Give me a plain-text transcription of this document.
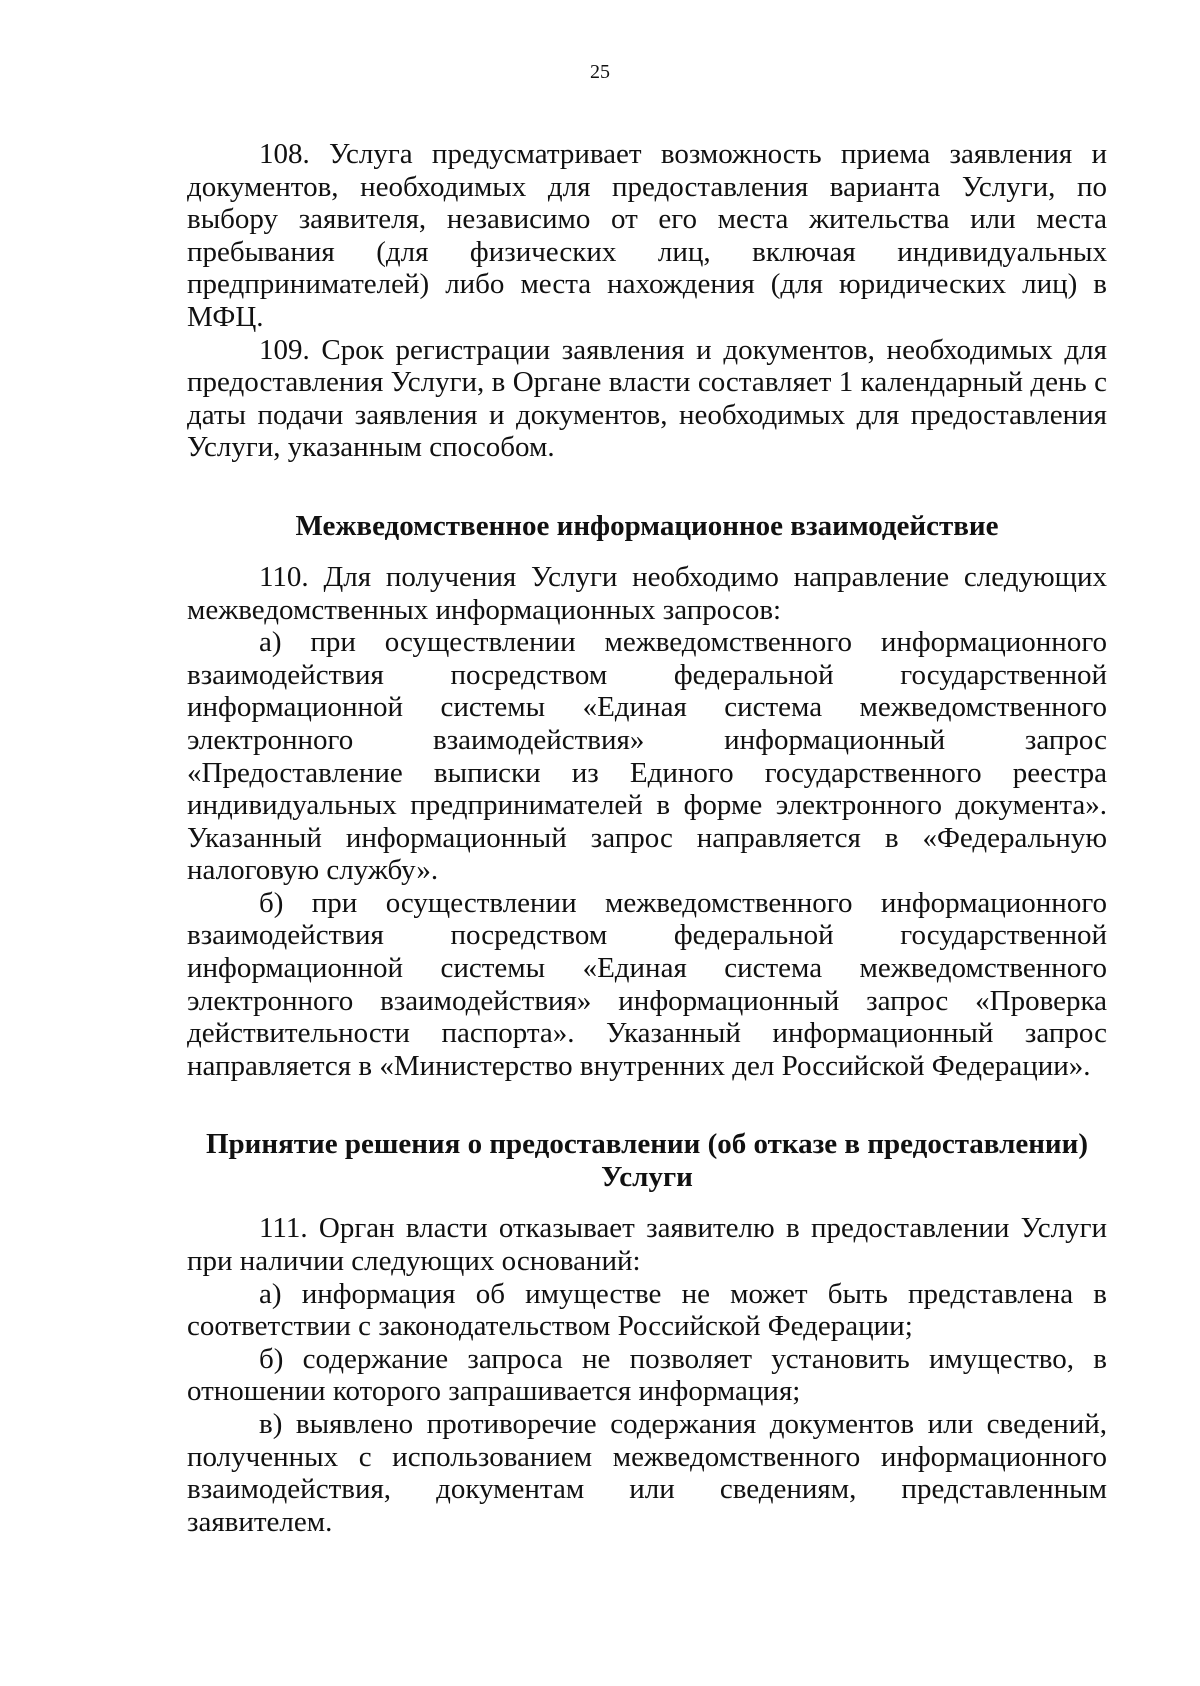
25

108. Услуга предусматривает возможность приема заявления и документов, необходимых для предоставления варианта Услуги, по выбору заявителя, независимо от его места жительства или места пребывания (для физических лиц, включая индивидуальных предпринимателей) либо места нахождения (для юридических лиц) в МФЦ.

109. Срок регистрации заявления и документов, необходимых для предоставления Услуги, в Органе власти составляет 1 календарный день с даты подачи заявления и документов, необходимых для предоставления Услуги, указанным способом.

Межведомственное информационное взаимодействие

110. Для получения Услуги необходимо направление следующих межведомственных информационных запросов:

а) при осуществлении межведомственного информационного взаимодействия посредством федеральной государственной информационной системы «Единая система межведомственного электронного взаимодействия» информационный запрос «Предоставление выписки из Единого государственного реестра индивидуальных предпринимателей в форме электронного документа». Указанный информационный запрос направляется в «Федеральную налоговую службу».

б) при осуществлении межведомственного информационного взаимодействия посредством федеральной государственной информационной системы «Единая система межведомственного электронного взаимодействия» информационный запрос «Проверка действительности паспорта». Указанный информационный запрос направляется в «Министерство внутренних дел Российской Федерации».

Принятие решения о предоставлении (об отказе в предоставлении)
Услуги

111. Орган власти отказывает заявителю в предоставлении Услуги при наличии следующих оснований:

а) информация об имуществе не может быть представлена в соответствии с законодательством Российской Федерации;

б) содержание запроса не позволяет установить имущество, в отношении которого запрашивается информация;

в) выявлено противоречие содержания документов или сведений, полученных с использованием межведомственного информационного взаимодействия, документам или сведениям, представленным заявителем.
